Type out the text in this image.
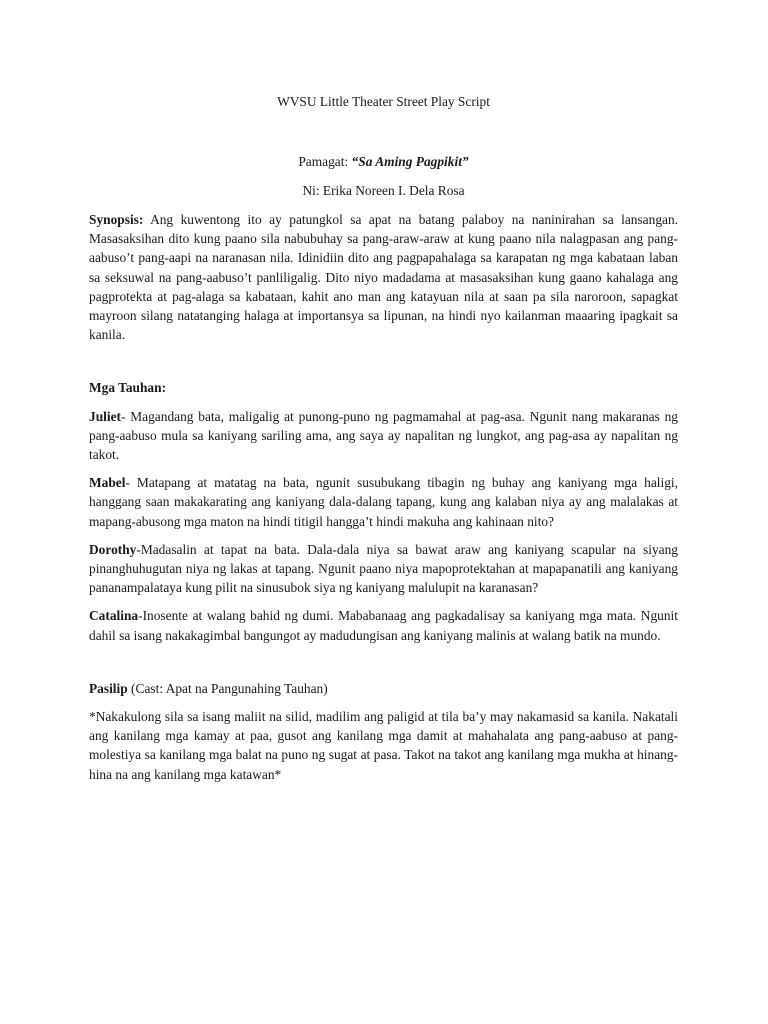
WVSU Little Theater Street Play Script

Pamagat: “Sa Aming Pagpikit”

Ni: Erika Noreen I. Dela Rosa

Synopsis: Ang kuwentong ito ay patungkol sa apat na batang palaboy na naninirahan sa lansangan. Masasaksihan dito kung paano sila nabubuhay sa pang-araw-araw at kung paano nila nalagpasan ang pang-aabuso’t pang-aapi na naranasan nila. Idinidiin dito ang pagpapahalaga sa karapatan ng mga kabataan laban sa seksuwal na pang-aabuso’t panliligalig. Dito niyo madadama at masasaksihan kung gaano kahalaga ang pagprotekta at pag-alaga sa kabataan, kahit ano man ang katayuan nila at saan pa sila naroroon, sapagkat mayroon silang natatanging halaga at importansya sa lipunan, na hindi nyo kailanman maaaring ipagkait sa kanila.

Mga Tauhan:

Juliet- Magandang bata, maligalig at punong-puno ng pagmamahal at pag-asa. Ngunit nang makaranas ng pang-aabuso mula sa kaniyang sariling ama, ang saya ay napalitan ng lungkot, ang pag-asa ay napalitan ng takot.

Mabel- Matapang at matatag na bata, ngunit susubukang tibagin ng buhay ang kaniyang mga haligi, hanggang saan makakarating ang kaniyang dala-dalang tapang, kung ang kalaban niya ay ang malalakas at mapang-abusong mga maton na hindi titigil hangga’t hindi makuha ang kahinaan nito?

Dorothy-Madasalin at tapat na bata. Dala-dala niya sa bawat araw ang kaniyang scapular na siyang pinanghuhugutan niya ng lakas at tapang. Ngunit paano niya mapoprotektahan at mapapanatili ang kaniyang pananampalataya kung pilit na sinusubok siya ng kaniyang malulupit na karanasan?

Catalina-Inosente at walang bahid ng dumi. Mababanaag ang pagkadalisay sa kaniyang mga mata. Ngunit dahil sa isang nakakagimbal bangungot ay madudungisan ang kaniyang malinis at walang batik na mundo.

Pasilip (Cast: Apat na Pangunahing Tauhan)

*Nakakulong sila sa isang maliit na silid, madilim ang paligid at tila ba’y may nakamasid sa kanila. Nakatali ang kanilang mga kamay at paa, gusot ang kanilang mga damit at mahahalata ang pang-aabuso at pang-molestiya sa kanilang mga balat na puno ng sugat at pasa. Takot na takot ang kanilang mga mukha at hinang-hina na ang kanilang mga katawan*
